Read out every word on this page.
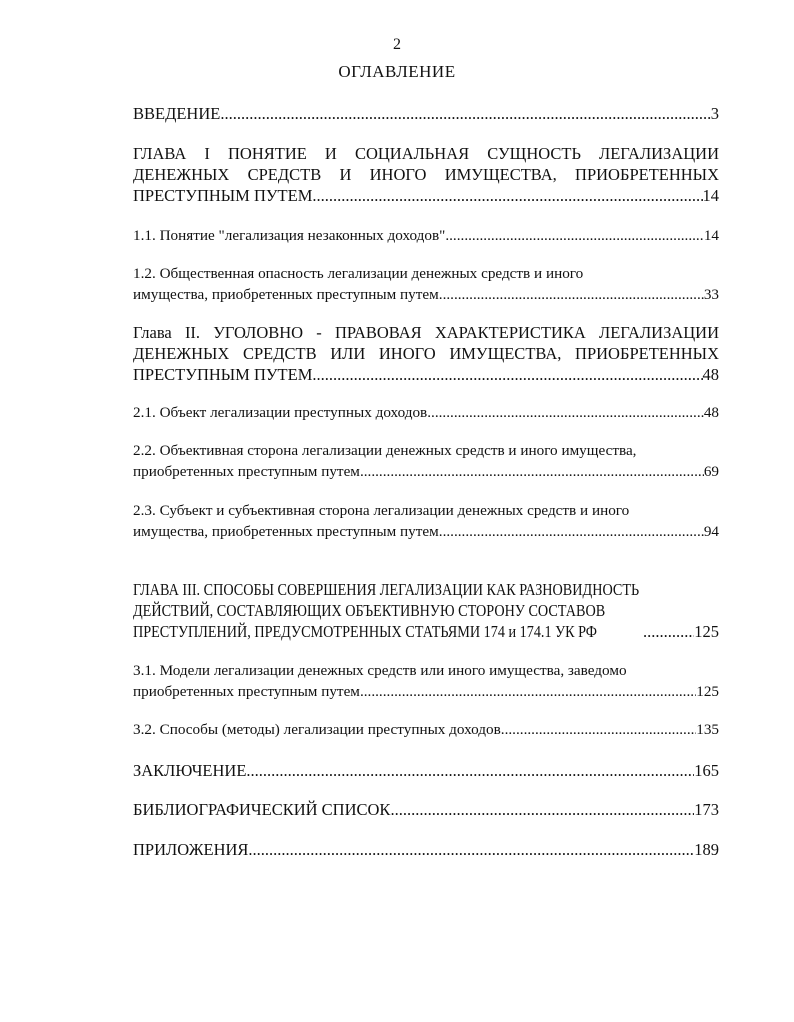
2
ОГЛАВЛЕНИЕ
ВВЕДЕНИЕ .....	3
ГЛАВА I ПОНЯТИЕ И СОЦИАЛЬНАЯ СУЩНОСТЬ ЛЕГАЛИЗАЦИИ
ДЕНЕЖНЫХ СРЕДСТВ И ИНОГО ИМУЩЕСТВА, ПРИОБРЕТЕННЫХ
ПРЕСТУПНЫМ ПУТЕМ .....	14
1.1. Понятие "легализация незаконных доходов" .....	14
1.2. Общественная опасность легализации денежных средств и иного
имущества, приобретенных преступным путем .....	33
Глава II. УГОЛОВНО - ПРАВОВАЯ ХАРАКТЕРИСТИКА ЛЕГАЛИЗАЦИИ
ДЕНЕЖНЫХ СРЕДСТВ ИЛИ ИНОГО ИМУЩЕСТВА, ПРИОБРЕТЕННЫХ
ПРЕСТУПНЫМ ПУТЕМ .....	48
2.1. Объект легализации преступных доходов .....	48
2.2. Объективная сторона легализации денежных средств и иного имущества,
приобретенных преступным путем .....	69
2.3. Субъект и субъективная сторона легализации денежных средств и иного
имущества, приобретенных преступным путем .....	94
ГЛАВА III. СПОСОБЫ СОВЕРШЕНИЯ ЛЕГАЛИЗАЦИИ КАК РАЗНОВИДНОСТЬ
ДЕЙСТВИЙ, СОСТАВЛЯЮЩИХ ОБЪЕКТИВНУЮ СТОРОНУ СОСТАВОВ
ПРЕСТУПЛЕНИЙ, ПРЕДУСМОТРЕННЫХ СТАТЬЯМИ 174 и 174.1 УК РФ .....	125
3.1. Модели легализации денежных средств или иного имущества, заведомо
приобретенных преступным путем .....	125
3.2. Способы (методы) легализации преступных доходов .....	135
ЗАКЛЮЧЕНИЕ .....	165
БИБЛИОГРАФИЧЕСКИЙ СПИСОК .....	173
ПРИЛОЖЕНИЯ .....	189
